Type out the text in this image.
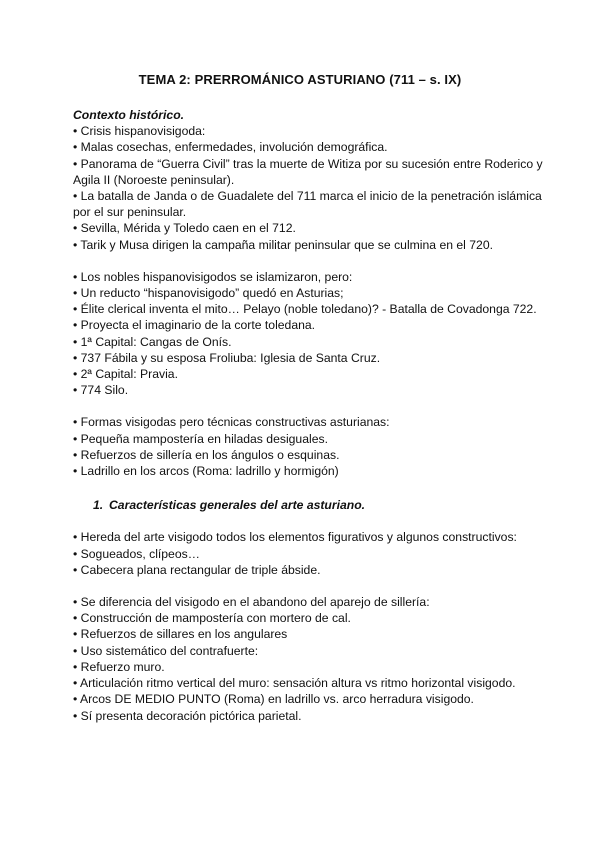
TEMA 2: PRERROMÁNICO ASTURIANO (711 – s. IX)

Contexto histórico.

• Crisis hispanovisigoda:

• Malas cosechas, enfermedades, involución demográfica.

• Panorama de “Guerra Civil” tras la muerte de Witiza por su sucesión entre Roderico y Agila II (Noroeste peninsular).

• La batalla de Janda o de Guadalete del 711 marca el inicio de la penetración islámica por el sur peninsular.

• Sevilla, Mérida y Toledo caen en el 712.

• Tarik y Musa dirigen la campaña militar peninsular que se culmina en el 720.

• Los nobles hispanovisigodos se islamizaron, pero:

• Un reducto “hispanovisigodo” quedó en Asturias;

• Élite clerical inventa el mito… Pelayo (noble toledano)? - Batalla de Covadonga 722.

• Proyecta el imaginario de la corte toledana.

• 1ª Capital: Cangas de Onís.

• 737 Fábila y su esposa Froliuba: Iglesia de Santa Cruz.

• 2ª Capital: Pravia.

• 774 Silo.

• Formas visigodas pero técnicas constructivas asturianas:

• Pequeña mampostería en hiladas desiguales.

• Refuerzos de sillería en los ángulos o esquinas.

• Ladrillo en los arcos (Roma: ladrillo y hormigón)

1. Características generales del arte asturiano.

• Hereda del arte visigodo todos los elementos figurativos y algunos constructivos:

• Sogueados, clípeos…

• Cabecera plana rectangular de triple ábside.

• Se diferencia del visigodo en el abandono del aparejo de sillería:

• Construcción de mampostería con mortero de cal.

• Refuerzos de sillares en los angulares

• Uso sistemático del contrafuerte:

• Refuerzo muro.

• Articulación ritmo vertical del muro: sensación altura vs ritmo horizontal visigodo.

• Arcos DE MEDIO PUNTO (Roma) en ladrillo vs. arco herradura visigodo.

• Sí presenta decoración pictórica parietal.
